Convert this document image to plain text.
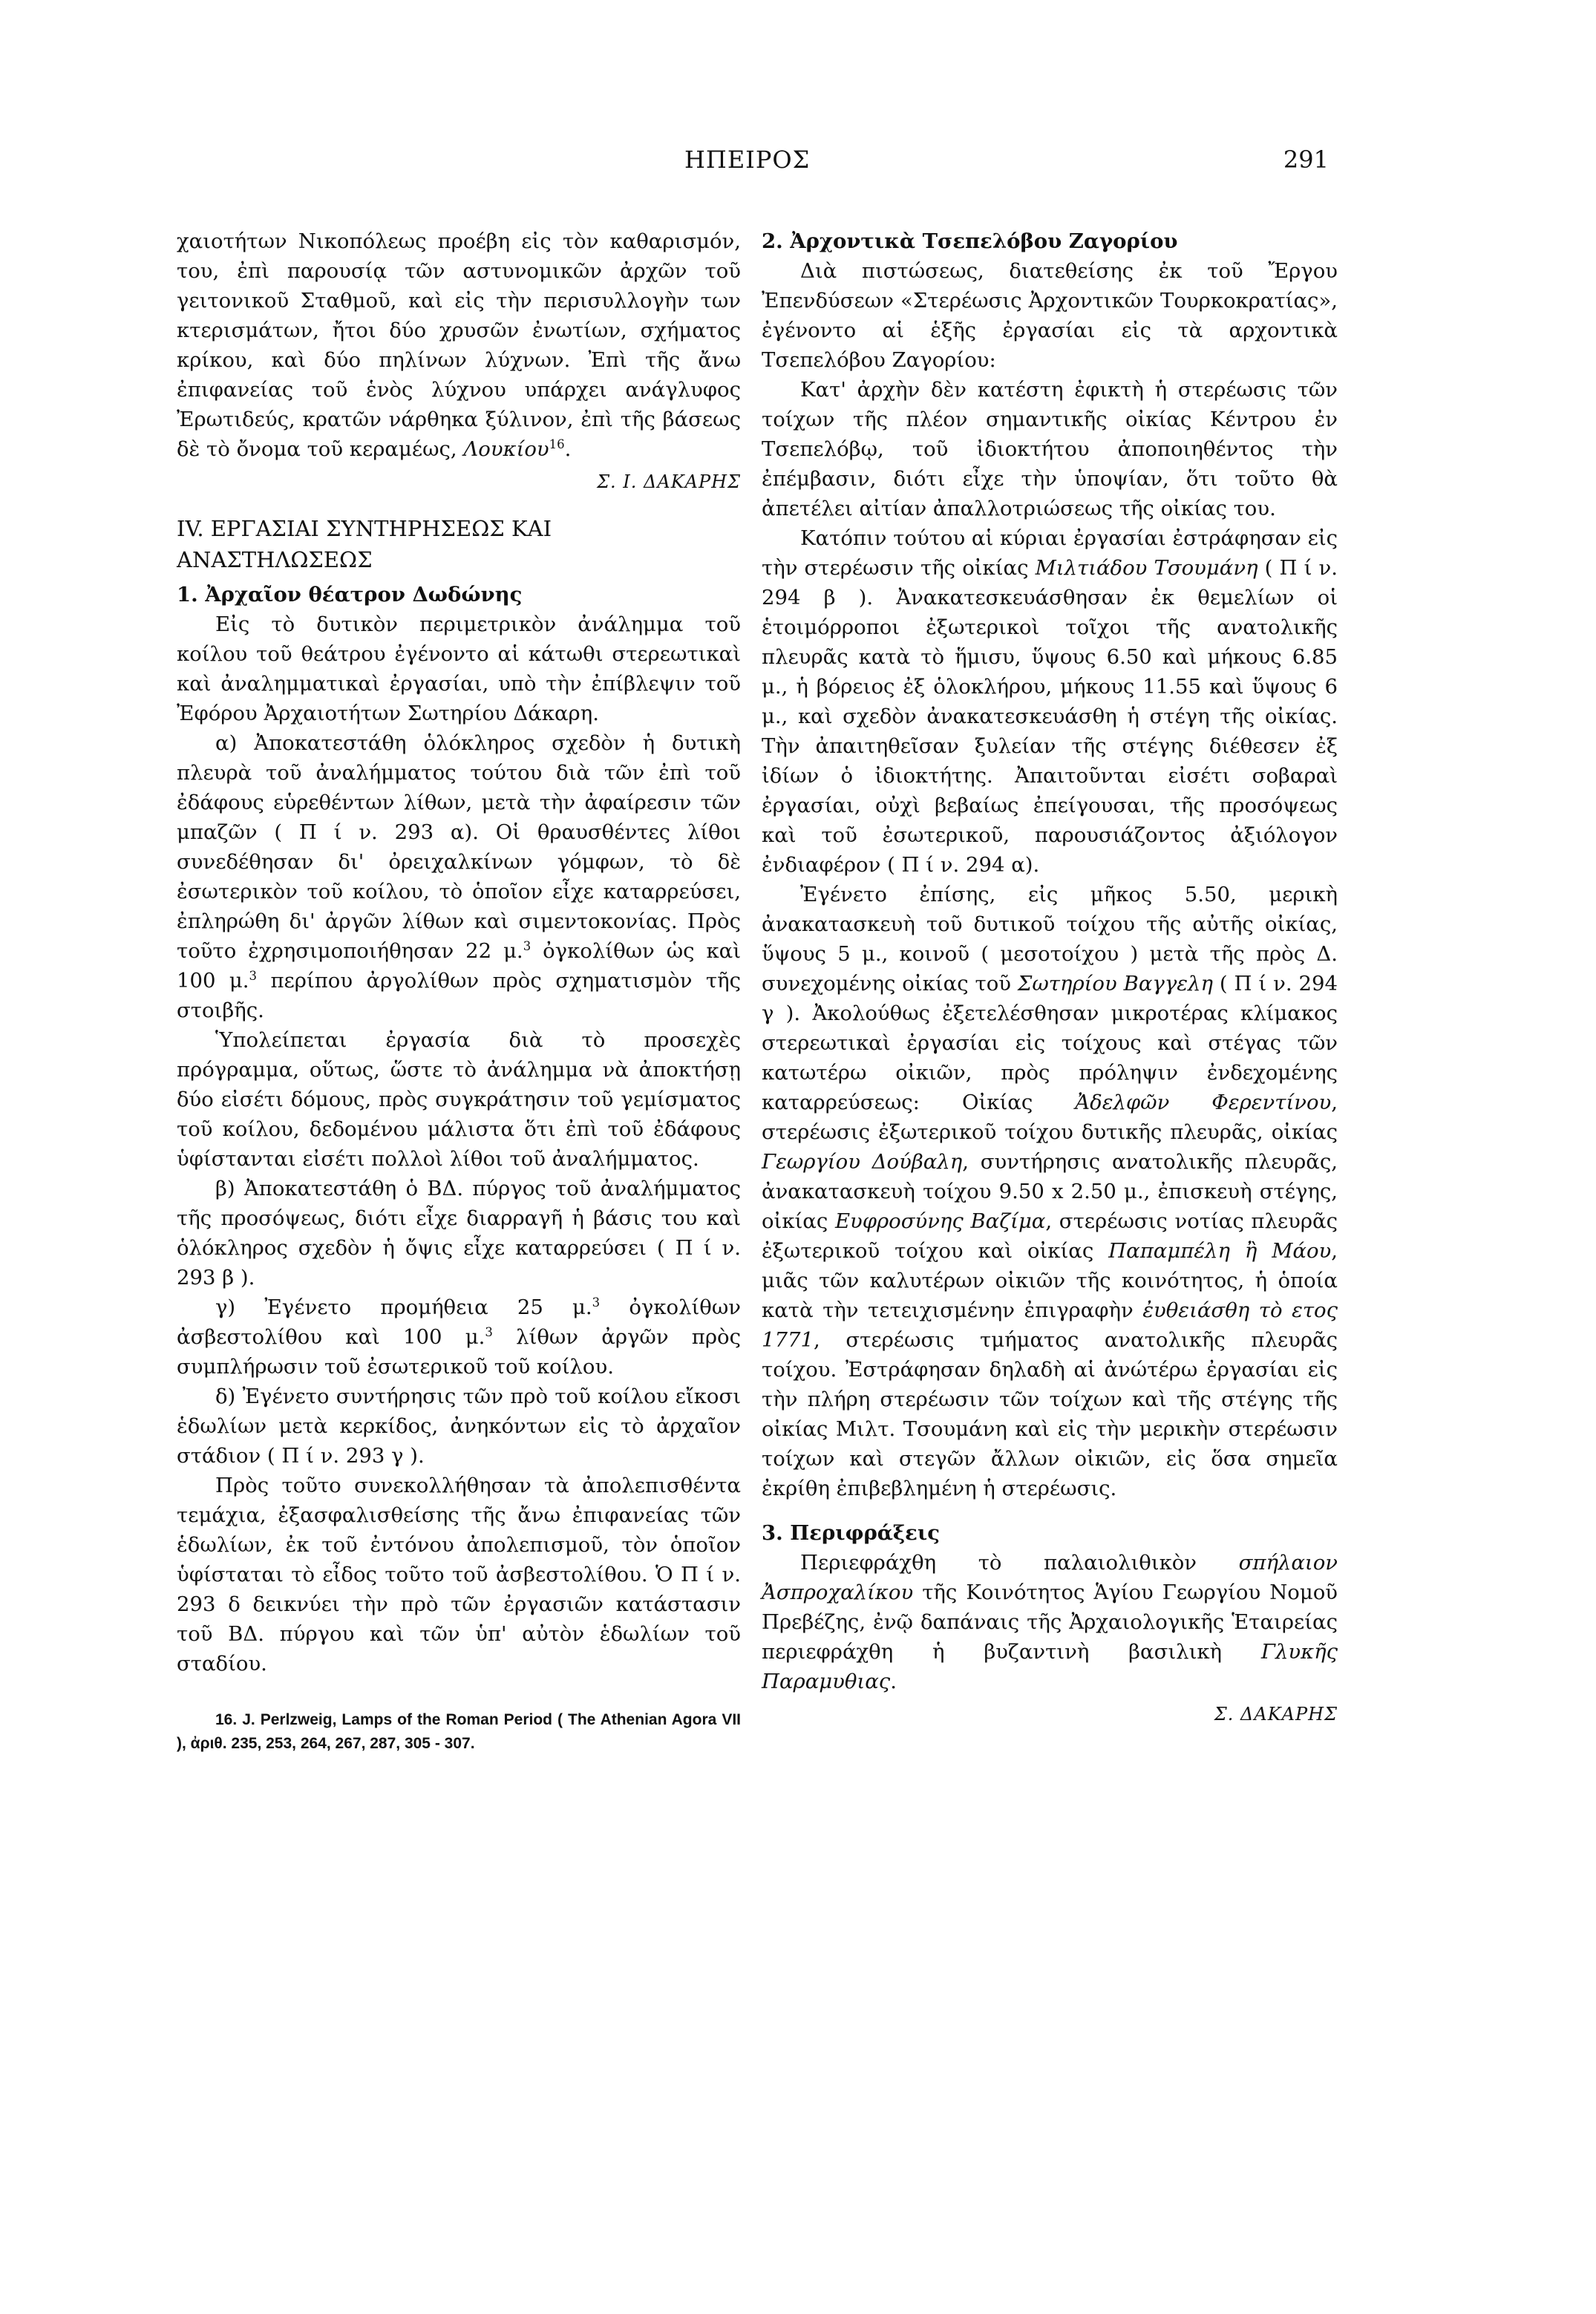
ΗΠΕΙΡΟΣ	291

χαιοτήτων Νικοπόλεως προέβη εἰς τὸν καθαρισμόν, του, ἐπὶ παρουσίᾳ τῶν αστυνομικῶν ἀρχῶν τοῦ γειτονικοῦ Σταθμοῦ, καὶ εἰς τὴν περισυλλογὴν των κτερισμάτων, ἤτοι δύο χρυσῶν ἐνωτίων, σχήματος κρίκου, καὶ δύο πηλίνων λύχνων. Ἐπὶ τῆς ἄνω ἐπιφανείας τοῦ ἑνὸς λύχνου υπάρχει ανάγλυφος Ἐρωτιδεύς, κρατῶν νάρθηκα ξύλινον, ἐπὶ τῆς βάσεως δὲ τὸ ὄνομα τοῦ κεραμέως, Λουκίου$^{16}$.

Σ. Ι. ΔΑΚΑΡΗΣ

IV. ΕΡΓΑΣΙΑΙ ΣΥΝΤΗΡΗΣΕΩΣ ΚΑΙ ΑΝΑΣΤΗΛΩΣΕΩΣ

1. Ἀρχαῖον θέατρον Δωδώνης

Εἰς τὸ δυτικὸν περιμετρικὸν ἀνάλημμα τοῦ κοίλου τοῦ θεάτρου ἐγένοντο αἱ κάτωθι στερεωτικαὶ καὶ ἀναλημματικαὶ ἐργασίαι, υπὸ τὴν ἐπίβλεψιν τοῦ Ἐφόρου Ἀρχαιοτήτων Σωτηρίου Δάκαρη.

α) Ἀποκατεστάθη ὁλόκληρος σχεδὸν ἡ δυτικὴ πλευρὰ τοῦ ἀναλήμματος τούτου διὰ τῶν ἐπὶ τοῦ ἐδάφους εὑρεθέντων λίθων, μετὰ τὴν ἀφαίρεσιν τῶν μπαζῶν ( Π ί ν. 293 α). Οἱ θραυσθέντες λίθοι συνεδέθησαν δι' ὀρειχαλκίνων γόμφων, τὸ δὲ ἐσωτερικὸν τοῦ κοίλου, τὸ ὁποῖον εἶχε καταρρεύσει, ἐπληρώθη δι' ἀργῶν λίθων καὶ σιμεντοκονίας. Πρὸς τοῦτο ἐχρησιμοποιήθησαν 22 μ.$^3$ ὀγκολίθων ὡς καὶ 100 μ.$^3$ περίπου ἀργολίθων πρὸς σχηματισμὸν τῆς στοιβῆς.

Ὑπολείπεται ἐργασία διὰ τὸ προσεχὲς πρόγραμμα, οὕτως, ὥστε τὸ ἀνάλημμα νὰ ἀποκτήσῃ δύο εἰσέτι δόμους, πρὸς συγκράτησιν τοῦ γεμίσματος τοῦ κοίλου, δεδομένου μάλιστα ὅτι ἐπὶ τοῦ ἐδάφους ὑφίστανται εἰσέτι πολλοὶ λίθοι τοῦ ἀναλήμματος.

β) Ἀποκατεστάθη ὁ ΒΔ. πύργος τοῦ ἀναλήμματος τῆς προσόψεως, διότι εἶχε διαρραγῆ ἡ βάσις του καὶ ὁλόκληρος σχεδὸν ἡ ὄψις εἶχε καταρρεύσει ( Π ί ν. 293 β ).

γ) Ἐγένετο προμήθεια 25 μ.$^3$ ὀγκολίθων ἀσβεστολίθου καὶ 100 μ.$^3$ λίθων ἀργῶν πρὸς συμπλήρωσιν τοῦ ἐσωτερικοῦ τοῦ κοίλου.

δ) Ἐγένετο συντήρησις τῶν πρὸ τοῦ κοίλου εἴκοσι ἑδωλίων μετὰ κερκίδος, ἀνηκόντων εἰς τὸ ἀρχαῖον στάδιον ( Π ί ν. 293 γ ).

Πρὸς τοῦτο συνεκολλήθησαν τὰ ἀπολεπισθέντα τεμάχια, ἐξασφαλισθείσης τῆς ἄνω ἐπιφανείας τῶν ἑδωλίων, ἐκ τοῦ ἐντόνου ἀπολεπισμοῦ, τὸν ὁποῖον ὑφίσταται τὸ εἶδος τοῦτο τοῦ ἀσβεστολίθου. Ὁ Π ί ν. 293 δ δεικνύει τὴν πρὸ τῶν ἐργασιῶν κατάστασιν τοῦ ΒΔ. πύργου καὶ τῶν ὑπ' αὐτὸν ἑδωλίων τοῦ σταδίου.

16. J. Perlzweig, Lamps of the Roman Period ( The Athenian Agora VII ), ἀριθ. 235, 253, 264, 267, 287, 305 - 307.

2. Ἀρχοντικὰ Τσεπελόβου Ζαγορίου

Διὰ πιστώσεως, διατεθείσης ἐκ τοῦ Ἔργου Ἐπενδύσεων «Στερέωσις Ἀρχοντικῶν Τουρκοκρατίας», ἐγένοντο αἱ ἑξῆς ἐργασίαι εἰς τὰ αρχοντικὰ Τσεπελόβου Ζαγορίου:

Κατ' ἀρχὴν δὲν κατέστη ἐφικτὴ ἡ στερέωσις τῶν τοίχων τῆς πλέον σημαντικῆς οἰκίας Κέντρου ἐν Τσεπελόβῳ, τοῦ ἰδιοκτήτου ἀποποιηθέντος τὴν ἐπέμβασιν, διότι εἶχε τὴν ὑποψίαν, ὅτι τοῦτο θὰ ἀπετέλει αἰτίαν ἀπαλλοτριώσεως τῆς οἰκίας του.

Κατόπιν τούτου αἱ κύριαι ἐργασίαι ἐστράφησαν εἰς τὴν στερέωσιν τῆς οἰκίας Μιλτιάδου Τσουμάνη ( Π ί ν. 294 β ). Ἀνακατεσκευάσθησαν ἐκ θεμελίων οἱ ἑτοιμόρροποι ἐξωτερικοὶ τοῖχοι τῆς ανατολικῆς πλευρᾶς κατὰ τὸ ἥμισυ, ὕψους 6.50 καὶ μήκους 6.85 μ., ἡ βόρειος ἐξ ὁλοκλήρου, μήκους 11.55 καὶ ὕψους 6 μ., καὶ σχεδὸν ἀνακατεσκευάσθη ἡ στέγη τῆς οἰκίας. Τὴν ἀπαιτηθεῖσαν ξυλείαν τῆς στέγης διέθεσεν ἐξ ἰδίων ὁ ἰδιοκτήτης. Ἀπαιτοῦνται εἰσέτι σοβαραὶ ἐργασίαι, οὐχὶ βεβαίως ἐπείγουσαι, τῆς προσόψεως καὶ τοῦ ἐσωτερικοῦ, παρουσιάζοντος ἀξιόλογον ἐνδιαφέρον ( Π ί ν. 294 α).

Ἐγένετο ἐπίσης, εἰς μῆκος 5.50, μερικὴ ἀνακατασκευὴ τοῦ δυτικοῦ τοίχου τῆς αὐτῆς οἰκίας, ὕψους 5 μ., κοινοῦ ( μεσοτοίχου ) μετὰ τῆς πρὸς Δ. συνεχομένης οἰκίας τοῦ Σωτηρίου Βαγγελη ( Π ί ν. 294 γ ). Ἀκολούθως ἐξετελέσθησαν μικροτέρας κλίμακος στερεωτικαὶ ἐργασίαι εἰς τοίχους καὶ στέγας τῶν κατωτέρω οἰκιῶν, πρὸς πρόληψιν ἐνδεχομένης καταρρεύσεως: Οἰκίας Ἀδελφῶν Φερεντίνου, στερέωσις ἐξωτερικοῦ τοίχου δυτικῆς πλευρᾶς, οἰκίας Γεωργίου Δούβαλη, συντήρησις ανατολικῆς πλευρᾶς, ἀνακατασκευὴ τοίχου 9.50 x 2.50 μ., ἐπισκευὴ στέγης, οἰκίας Ευφροσύνης Βαζίμα, στερέωσις νοτίας πλευρᾶς ἐξωτερικοῦ τοίχου καὶ οἰκίας Παπαμπέλη ἢ Μάου, μιᾶς τῶν καλυτέρων οἰκιῶν τῆς κοινότητος, ἡ ὁποία κατὰ τὴν τετειχισμένην ἐπιγραφὴν ἐυθειάσθη τὸ ετος 1771, στερέωσις τμήματος ανατολικῆς πλευρᾶς τοίχου. Ἐστράφησαν δηλαδὴ αἱ ἀνώτέρω ἐργασίαι εἰς τὴν πλήρη στερέωσιν τῶν τοίχων καὶ τῆς στέγης τῆς οἰκίας Μιλτ. Τσουμάνη καὶ εἰς τὴν μερικὴν στερέωσιν τοίχων καὶ στεγῶν ἄλλων οἰκιῶν, εἰς ὅσα σημεῖα ἐκρίθη ἐπιβεβλημένη ἡ στερέωσις.

3. Περιφράξεις

Περιεφράχθη τὸ παλαιολιθικὸν σπήλαιον Ἀσπροχαλίκου τῆς Κοινότητος Ἁγίου Γεωργίου Νομοῦ Πρεβέζης, ἐνῷ δαπάναις τῆς Ἀρχαιολογικῆς Ἑταιρείας περιεφράχθη ἡ βυζαντινὴ βασιλικὴ Γλυκῆς Παραμυθιας.

Σ. ΔΑΚΑΡΗΣ
